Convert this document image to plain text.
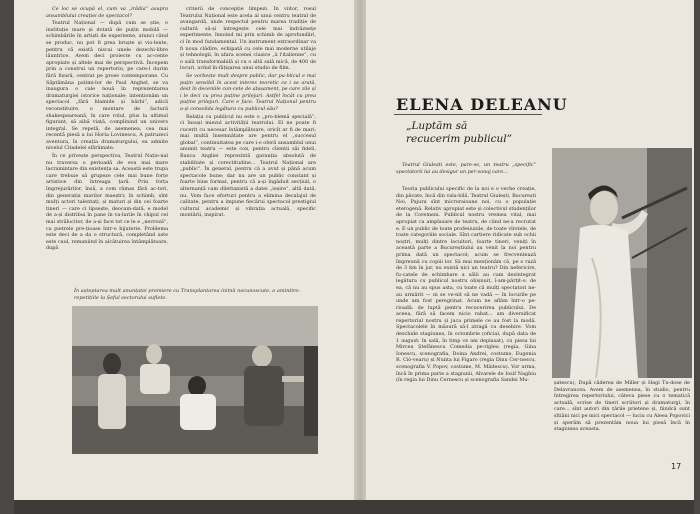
Ce loc se ocupă el, cum va „irădia” asupra ansamblului creației de spectacol?

Teatrul Național — după cum se știe, o instituție mare și dotată de puțin mobilă — schimbările în artiști de experiente, atunci când se produc, nu pot fi prea bruște și vio-lente, pentru că există niscai unele dezechi-libre lăuntrice. Avem deci proiecte cu ac-cente apropiate și altele mai de perspectivă. Începem prin a construi un repertoriu, pe care-l durim fără fisură, centrat pe prose contemporane. Cu Săptămâna patimi-lor de Paul Anghel, se va inaugura o cale nouă în reprezentarea dramaturgiei istorice naționale; intenționăm un spectacol „fără hlamide și bărbi”, adică reconstituire, o montare de factură shakespeareană, în care rolul, plus la ultimul figurant, să aibă viață, complinind un univers integral. Se repetă, de asemenea, cea mai recentă piesă a lui Horia Lovinescu, A patruzeci aventura, în creația dramaturgului, ea admite nivelul Citadelei sfărâmate.

În ce privește perspectiva, Teatrul Națio-nal nu traversa o perioadă de eva mai mare lacramintare din existența sa. Această este trupa care trebuie să grupeze cele mai bune forțe artistice din întreaga țară. Prin forța împrejurărilor, însă, a com rămas fără ac-tori, din generația marilor maeștri; în schimb, sînt mulți actori talentați, și maturi și din cei foarte tineri — care ci lipsește, deocam-dată, e model de a-și distribui în pane în va-lurile în chipul cel mai strălucitor, de a-și face tot ce le e „nevroză”, ca pietrele pre-țioase într-o bijuterie. Problema este deci de a da o structură, completând aste este caul, remaniind în alcătuirea întâmplătoare, după

criterii de concepție limpezi. În viitor, rosul Teatrului Național este acela al unui centru teatral de avangardă, unde respectul pentru marea tradiție de cultură să-și întregește cele mai îndrăznețe experimente, înnoind mi prin schimb de aprofundări, ci în mod fundamental. Un instrument extraordinar va fi noua clădire, echipată cu cele mai moderne utilaje și tehnologii, în afara scenei clasice „à l'italienne”, cu o sală transformabilă și cu o altă sală mică, de 400 de locuri, avînd în-fățișarea unui studio de film.

Se vorbește mult despre public, dar pu-blicul e mai puțin sensibil în acest interes teoretic ce i se arată, dest în deceniile con-cete de atașament, pe care zile și i le deci cu prea puține prilejuri. Astfel încât cu prea puține prilejuri. Care e face. Teatrul Național pentru a-și consolida legătura cu publicul său?

Relația cu publicul nu este o „pro-blemă specială”, ci însuși miezul activității teatrului. El ne poate fi cucerit cu necesar întâmplătoare, oricît ar fi de mari; mai multă însemnătate are pentru el „succesul global”, continuitatea pe care i-o oferă ansamblul unui anumit teatru — este con, pentru clientii săi fideli, Banca Angliei reprezintă garanția absolută de stabilitate și corectitudine... Teatrul Național are „public”. În general, pentru că a avut și până acum spectacole bune; dar nu are un public constant și foarte bine format, pentru că a-și îngăduit secțiuli, o alternanță cam dilettanistă a datei „ieșire”, altă dată, nu. Vom face eforturi pentru a elimina decalajul de calitate, pentru a impune fiecărui spectacol prestigiul cultural academic și vibrația actuală, specific montării, inspirat.

În așteptarea mult anunțatei premiere cu Transplantarea inimii necunoscute, o amintire: repetițiile la Șeful sectorului suflete.
ELENA DELEANU
„Luptăm să recucerim publicul”

Teatrul Giulești este, pare-se, un teatru „specific” spectatorii lui au desigur un per-sonaj care...

Teoria publicului specific de la noi e o veche creație, din păcate, încă din vala-bilă. Teatrul Giulești, București Noi, Pajura sînt microraioane noi, cu o populație eterogenă. Relativ apropiat este și colectivul studenților de la Coremeni. Publicul nostru vremea vital, mai apropiat ca amplasare de teatru, de când ne-a recrutat e. E un public de toate profesiunile, de toate vîrstele, de toate categoriile sociale. Sînt cartiere ridicate sub ochii noștri, mulți dintre locuitori, foarte tineri, veniți în această parte a Bucureștiului au venit la noi pentru prima dată un spectacol; acum se frecventează împreună cu copiii lor. Să mai menționăm că, pe o rază de 3 km în jur, nu există nici un teatru? Din nefericire, fu-catele de schimbare a sălii au cam dezintegrat legătura cu publicul nostru obișnuit, î-am-părțit-o. de ea, că nu au spus asta, cu toate că mulți spectatori ne-au urmărit — ni se ve-nit să ne vadă — în locurile pe unde am fost peregrinat. Acum ne aflăm într-o pe-rioadă: de luptă pentru recucerirea publicului. De aceea, fără să facem nicio rabat... am diversificat repertoriul nostru și juca primele ce au fost la modă. Spectacolele în măsură să-l atragă cu desebire. Vom deschide stagiunea, în octombrie (oficial, după data de 1 august: în sală, în timp ce am deplasat), cu piesa lui Mircea Ștefănescu Comedia pe-rigleu (regia, Gina Ionescu, scenografia, Doina Andrei, costume, Eugenia R. Ciò-vearu) și Nunta lui Figaro (regia Dinu Cer-nescu, scenografia V. Popov, costume, M. Mădescu). Vor urma, încă în prima parte a stagiunii, Alvarele de Iosif Naghiu (în regia lui Dinu Cernescu și scenografia Sandei Mu-	șatescu), După căderea de Miller și Hagi Tu-dose de Delavrancea. Avem de asemenea, în studio, pentru întregirea repertoriului, câteva piese cu o tematică actuală, scrise de tineri scriitori și dramaturgi, în care... sînt autori din țările prietene și, fiindcă sunt sîtiăni nici pe mici spectacol — luciu cu Aleea Popovici și sperăm să prezentăm noua lui piesă încă în stagiunea aceasta.

17
